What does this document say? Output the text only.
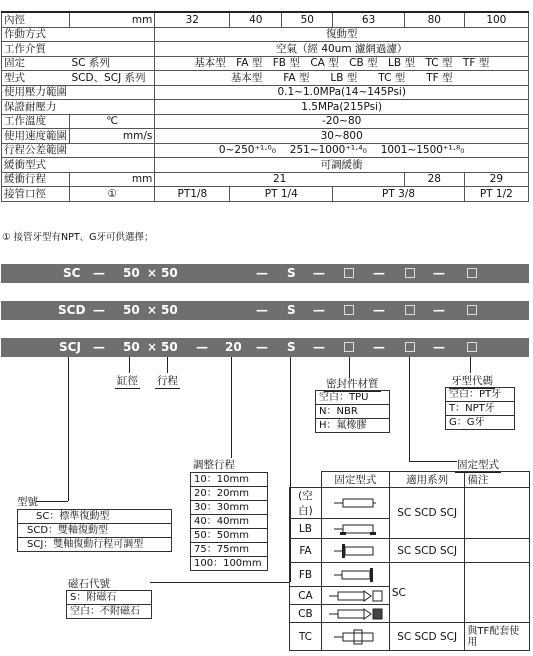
內徑	mm	32	40	50	63	80	100
作動方式		復動型					
工作介質		空氣（經 40um 濾網過濾）					
固定	SC 系列	基本型　FA 型　FB 型　CA 型　CB 型　LB 型　TC 型　TF 型					
型式	SCD、SCJ 系列	基本型　　FA 型　　LB 型　　TC 型　　TF 型					
使用壓力範圍		0.1~1.0MPa(14~145Psi)					
保證耐壓力		1.5MPa(215Psi)					
工作溫度	℃	-20~80					
使用速度範圍	mm/s	30~800					
行程公差範圍		0~250⁺¹·⁰₀　 251~1000⁺¹·⁴₀　 1001~1500⁺¹·⁸₀					
緩衝型式		可調緩衝					
緩衝行程	mm	21				28	29
接管口徑	①	PT1/8	PT 1/4		PT 3/8		PT 1/2
① 接管牙型有NPT、G牙可供選擇；
SC — 50 × 50	— S —	—	—
SCD — 50 × 50	— S —	—	—
SCJ — 50 × 50 — 20 — S —	—	—
缸徑 行程	密封件材質
空白：TPU
N：NBR
H：氟橡膠
牙型代碼
空白：PT牙
T：NPT牙
G：G牙
調整行程
10：10mm
20：20mm
30：30mm
40：40mm
50：50mm
75：75mm
100：100mm
型號
SC：標準復動型
SCD：雙軸復動型
SCJ：雙軸復動行程可調型
磁石代號
S：附磁石
空白：不附磁石
固定型式
	固定型式	適用系列	備注
(空白)		SC SCD SCJ	
LB	
FA		SC SCD SCJ	
FB		SC	
CA	
CB	
TC		SC SCD SCJ	與TF配套使用
